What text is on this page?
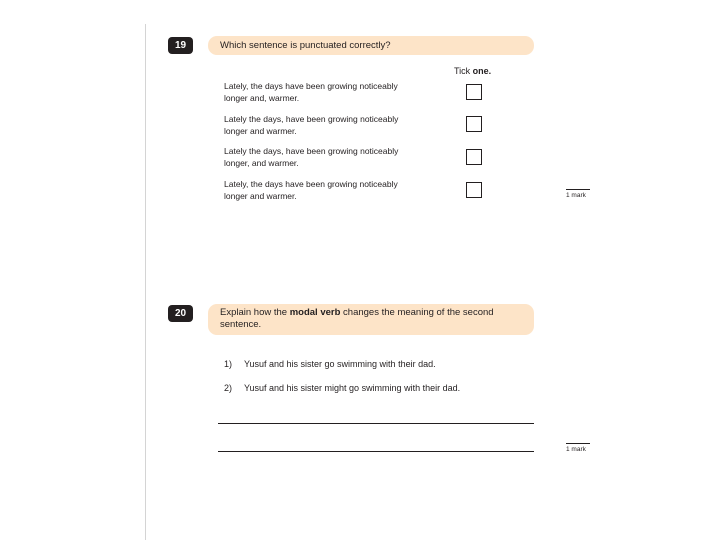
19	Which sentence is punctuated correctly?
Tick one.
Lately, the days have been growing noticeably
longer and, warmer.
Lately the days, have been growing noticeably
longer and warmer.
Lately the days, have been growing noticeably
longer, and warmer.
Lately, the days have been growing noticeably
longer and warmer.	1 mark
20	Explain how the modal verb changes the meaning of the second
sentence.
1) Yusuf and his sister go swimming with their dad.
2) Yusuf and his sister might go swimming with their dad.
1 mark
